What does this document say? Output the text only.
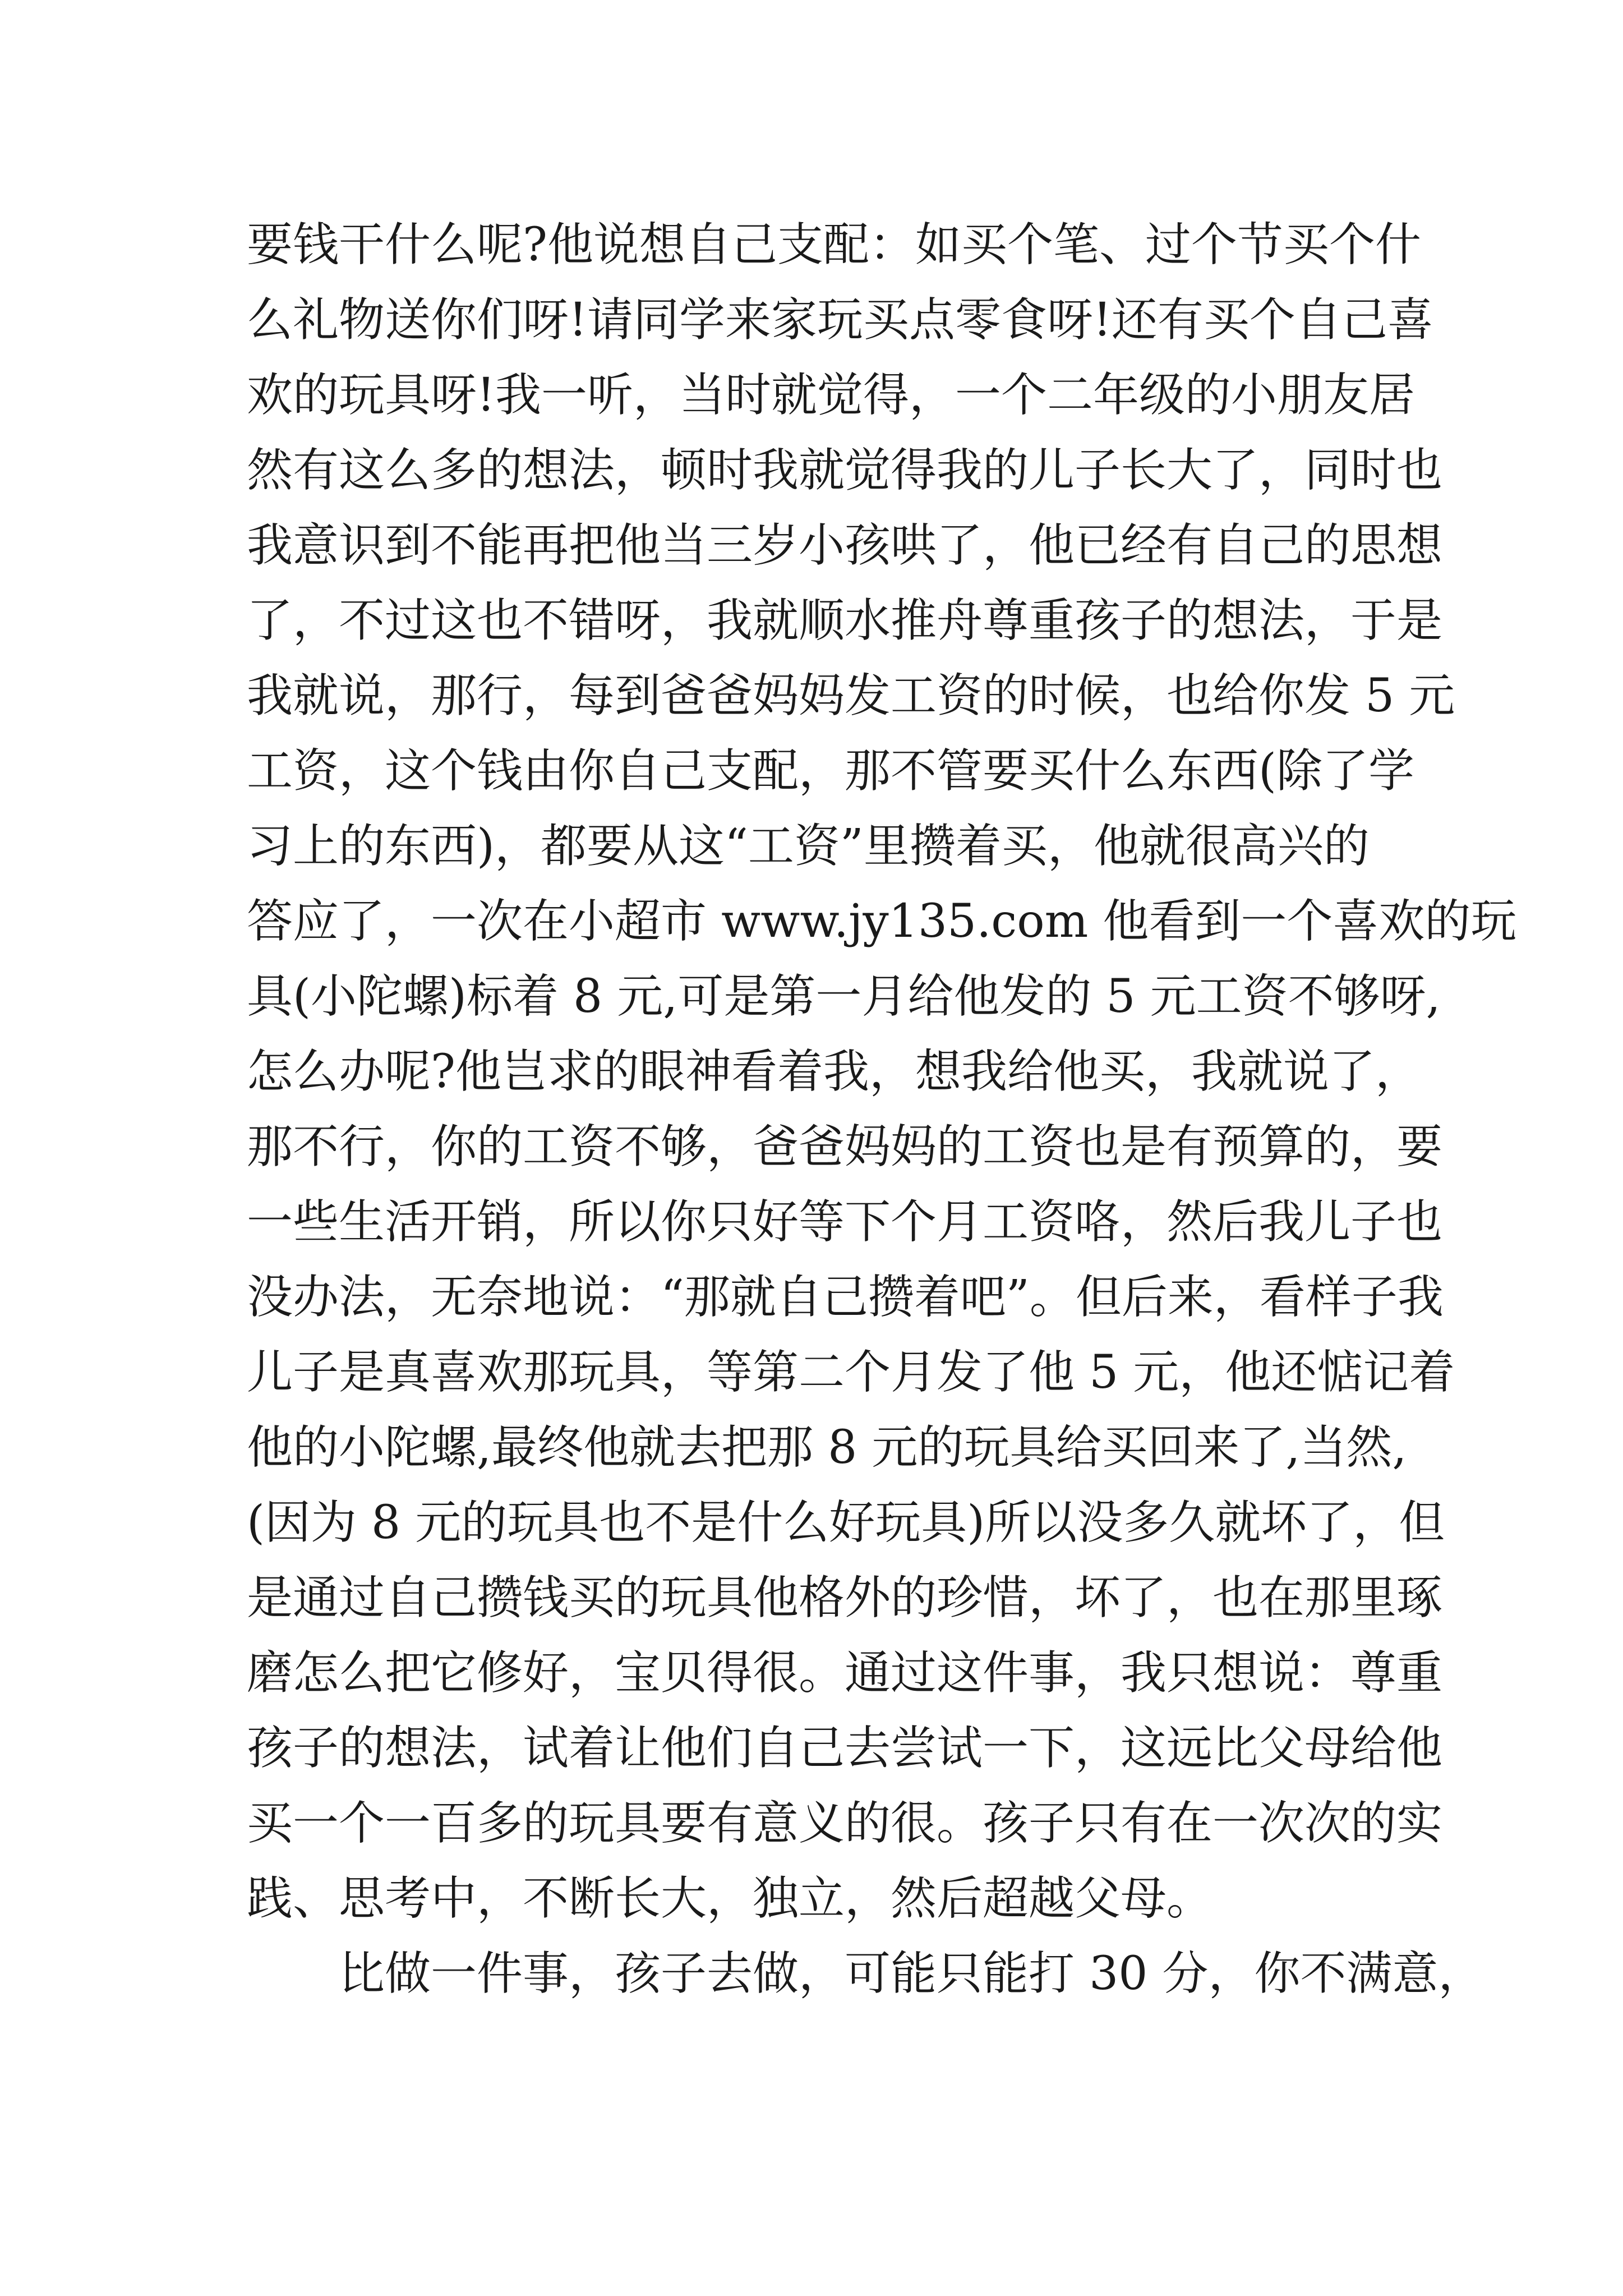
要钱干什么呢?他说想自己支配：如买个笔、过个节买个什
么礼物送你们呀!请同学来家玩买点零食呀!还有买个自己喜
欢的玩具呀!我一听，当时就觉得，一个二年级的小朋友居
然有这么多的想法，顿时我就觉得我的儿子长大了，同时也
我意识到不能再把他当三岁小孩哄了，他已经有自己的思想
了，不过这也不错呀，我就顺水推舟尊重孩子的想法，于是
我就说，那行，每到爸爸妈妈发工资的时候，也给你发 5 元
工资，这个钱由你自己支配，那不管要买什么东西(除了学
习上的东西)，都要从这“工资”里攒着买，他就很高兴的
答应了，一次在小超市 www.jy135.com 他看到一个喜欢的玩
具(小陀螺)标着 8 元,可是第一月给他发的 5 元工资不够呀,
怎么办呢?他岂求的眼神看着我，想我给他买，我就说了，
那不行，你的工资不够，爸爸妈妈的工资也是有预算的，要
一些生活开销，所以你只好等下个月工资咯，然后我儿子也
没办法，无奈地说：“那就自己攒着吧”。但后来，看样子我
儿子是真喜欢那玩具，等第二个月发了他 5 元，他还惦记着
他的小陀螺,最终他就去把那 8 元的玩具给买回来了,当然,
(因为 8 元的玩具也不是什么好玩具)所以没多久就坏了，但
是通过自己攒钱买的玩具他格外的珍惜，坏了，也在那里琢
磨怎么把它修好，宝贝得很。通过这件事，我只想说：尊重
孩子的想法，试着让他们自己去尝试一下，这远比父母给他
买一个一百多的玩具要有意义的很。孩子只有在一次次的实
践、思考中，不断长大，独立，然后超越父母。
比做一件事，孩子去做，可能只能打 30 分，你不满意，
